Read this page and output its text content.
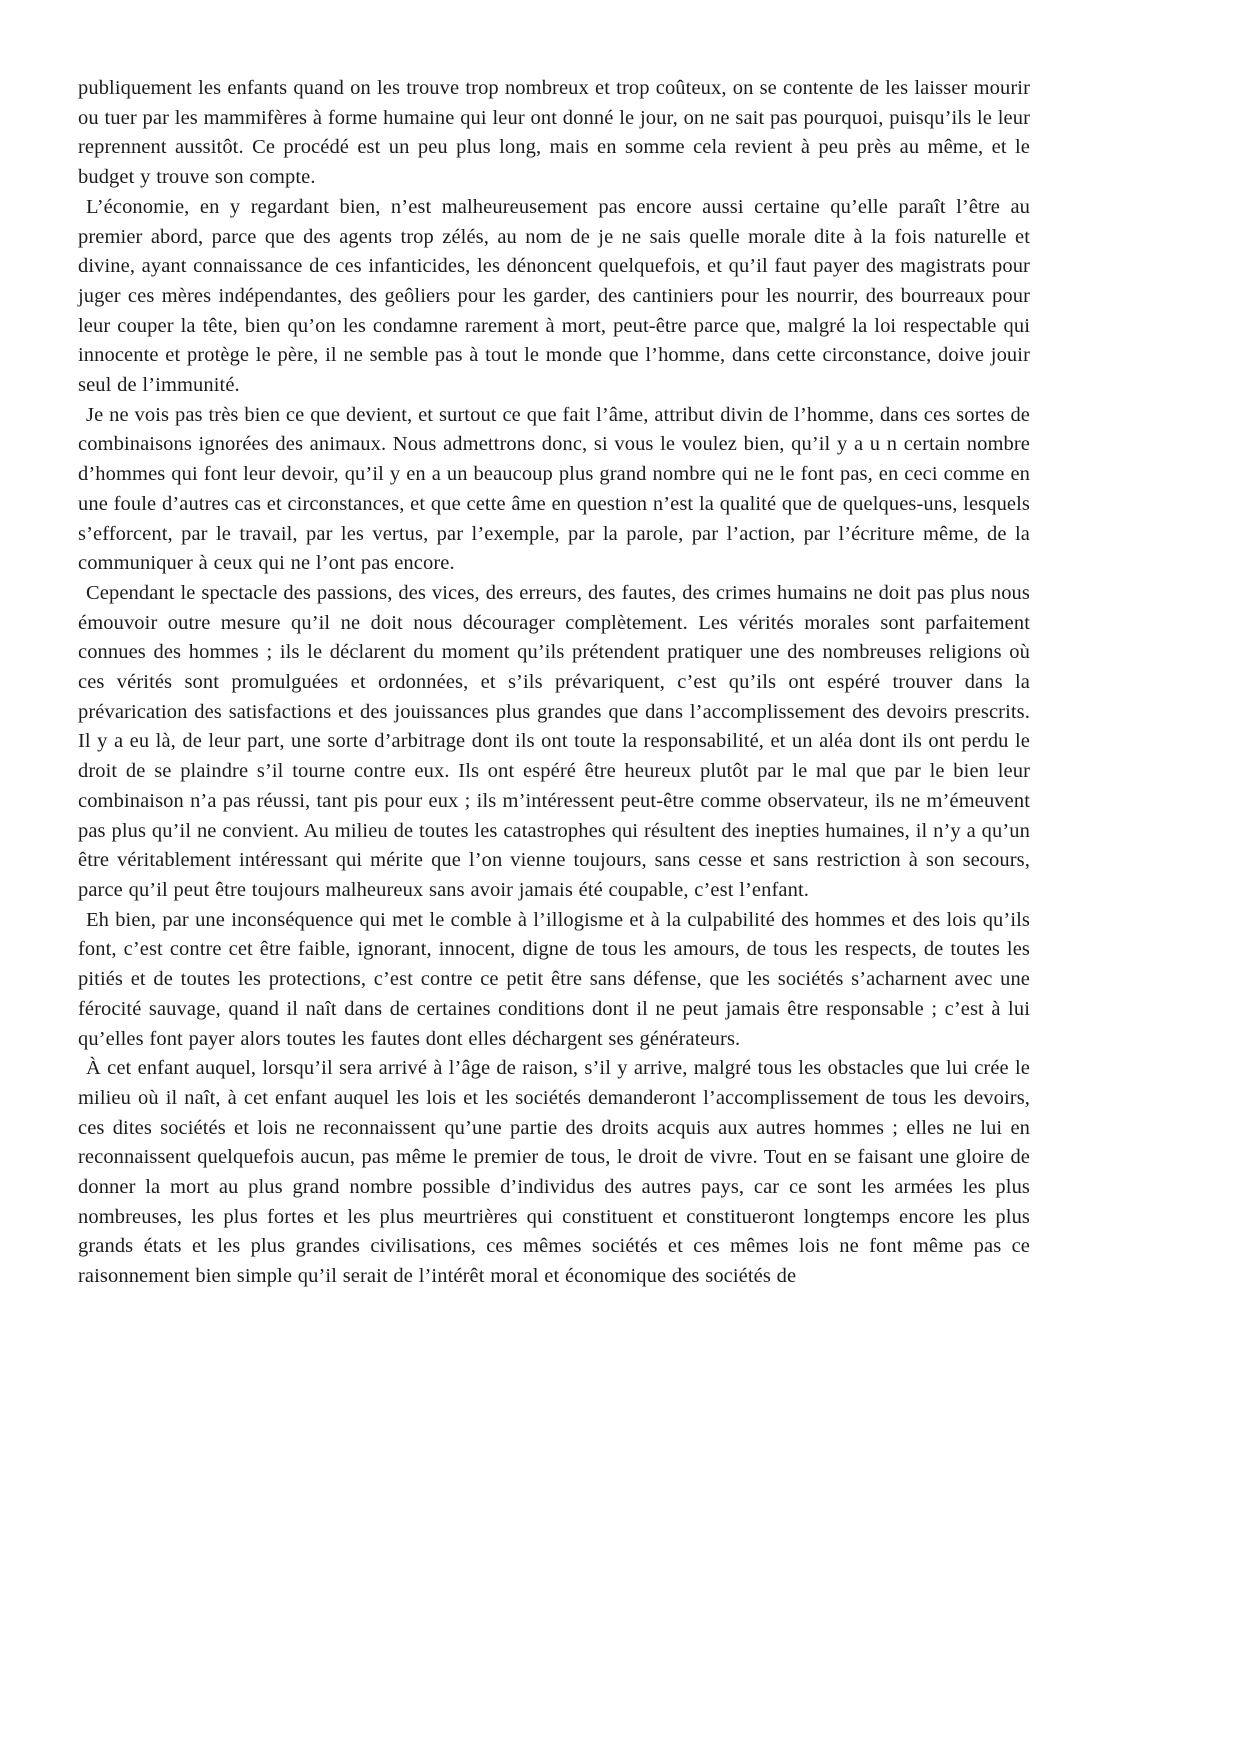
publiquement les enfants quand on les trouve trop nombreux et trop coûteux, on se contente de les laisser mourir ou tuer par les mammifères à forme humaine qui leur ont donné le jour, on ne sait pas pourquoi, puisqu’ils le leur reprennent aussitôt. Ce procédé est un peu plus long, mais en somme cela revient à peu près au même, et le budget y trouve son compte.

L’économie, en y regardant bien, n’est malheureusement pas encore aussi certaine qu’elle paraît l’être au premier abord, parce que des agents trop zélés, au nom de je ne sais quelle morale dite à la fois naturelle et divine, ayant connaissance de ces infanticides, les dénoncent quelquefois, et qu’il faut payer des magistrats pour juger ces mères indépendantes, des geôliers pour les garder, des cantiniers pour les nourrir, des bourreaux pour leur couper la tête, bien qu’on les condamne rarement à mort, peut-être parce que, malgré la loi respectable qui innocente et protège le père, il ne semble pas à tout le monde que l’homme, dans cette circonstance, doive jouir seul de l’immunité.

Je ne vois pas très bien ce que devient, et surtout ce que fait l’âme, attribut divin de l’homme, dans ces sortes de combinaisons ignorées des animaux. Nous admettrons donc, si vous le voulez bien, qu’il y a u n certain nombre d’hommes qui font leur devoir, qu’il y en a un beaucoup plus grand nombre qui ne le font pas, en ceci comme en une foule d’autres cas et circonstances, et que cette âme en question n’est la qualité que de quelques-uns, lesquels s’efforcent, par le travail, par les vertus, par l’exemple, par la parole, par l’action, par l’écriture même, de la communiquer à ceux qui ne l’ont pas encore.

Cependant le spectacle des passions, des vices, des erreurs, des fautes, des crimes humains ne doit pas plus nous émouvoir outre mesure qu’il ne doit nous décourager complètement. Les vérités morales sont parfaitement connues des hommes ; ils le déclarent du moment qu’ils prétendent pratiquer une des nombreuses religions où ces vérités sont promulguées et ordonnées, et s’ils prévariquent, c’est qu’ils ont espéré trouver dans la prévarication des satisfactions et des jouissances plus grandes que dans l’accomplissement des devoirs prescrits. Il y a eu là, de leur part, une sorte d’arbitrage dont ils ont toute la responsabilité, et un aléa dont ils ont perdu le droit de se plaindre s’il tourne contre eux. Ils ont espéré être heureux plutôt par le mal que par le bien leur combinaison n’a pas réussi, tant pis pour eux ; ils m’intéressent peut-être comme observateur, ils ne m’émeuvent pas plus qu’il ne convient. Au milieu de toutes les catastrophes qui résultent des inepties humaines, il n’y a qu’un être véritablement intéressant qui mérite que l’on vienne toujours, sans cesse et sans restriction à son secours, parce qu’il peut être toujours malheureux sans avoir jamais été coupable, c’est l’enfant.

Eh bien, par une inconséquence qui met le comble à l’illogisme et à la culpabilité des hommes et des lois qu’ils font, c’est contre cet être faible, ignorant, innocent, digne de tous les amours, de tous les respects, de toutes les pitiés et de toutes les protections, c’est contre ce petit être sans défense, que les sociétés s’acharnent avec une férocité sauvage, quand il naît dans de certaines conditions dont il ne peut jamais être responsable ; c’est à lui qu’elles font payer alors toutes les fautes dont elles déchargent ses générateurs.

À cet enfant auquel, lorsqu’il sera arrivé à l’âge de raison, s’il y arrive, malgré tous les obstacles que lui crée le milieu où il naît, à cet enfant auquel les lois et les sociétés demanderont l’accomplissement de tous les devoirs, ces dites sociétés et lois ne reconnaissent qu’une partie des droits acquis aux autres hommes ; elles ne lui en reconnaissent quelquefois aucun, pas même le premier de tous, le droit de vivre. Tout en se faisant une gloire de donner la mort au plus grand nombre possible d’individus des autres pays, car ce sont les armées les plus nombreuses, les plus fortes et les plus meurtrières qui constituent et constitueront longtemps encore les plus grands états et les plus grandes civilisations, ces mêmes sociétés et ces mêmes lois ne font même pas ce raisonnement bien simple qu’il serait de l’intérêt moral et économique des sociétés de
